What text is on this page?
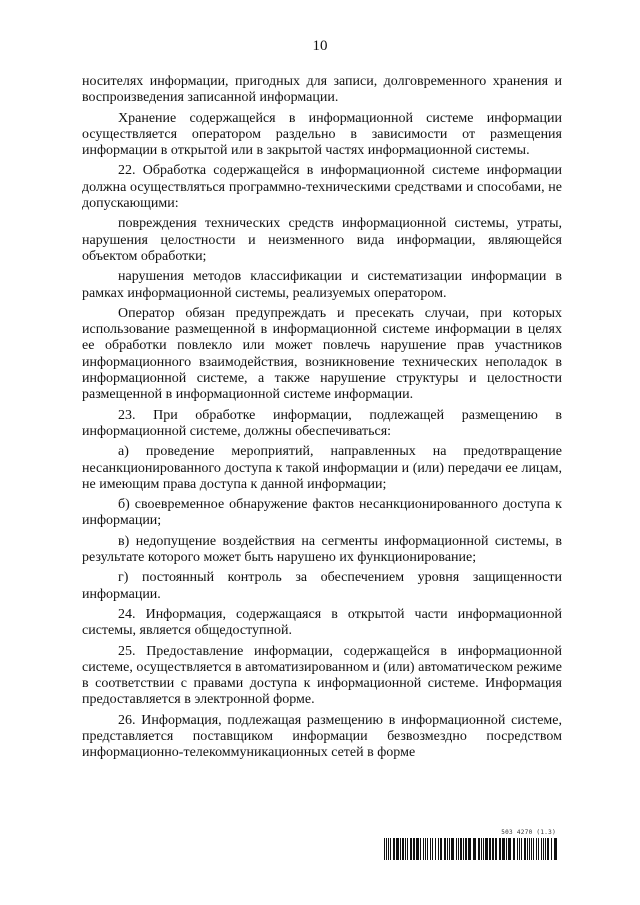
10

носителях информации, пригодных для записи, долговременного хранения и воспроизведения записанной информации.

Хранение содержащейся в информационной системе информации осуществляется оператором раздельно в зависимости от размещения информации в открытой или в закрытой частях информационной системы.

22. Обработка содержащейся в информационной системе информации должна осуществляться программно-техническими средствами и способами, не допускающими:

повреждения технических средств информационной системы, утраты, нарушения целостности и неизменного вида информации, являющейся объектом обработки;

нарушения методов классификации и систематизации информации в рамках информационной системы, реализуемых оператором.

Оператор обязан предупреждать и пресекать случаи, при которых использование размещенной в информационной системе информации в целях ее обработки повлекло или может повлечь нарушение прав участников информационного взаимодействия, возникновение технических неполадок в информационной системе, а также нарушение структуры и целостности размещенной в информационной системе информации.

23. При обработке информации, подлежащей размещению в информационной системе, должны обеспечиваться:

а) проведение мероприятий, направленных на предотвращение несанкционированного доступа к такой информации и (или) передачи ее лицам, не имеющим права доступа к данной информации;

б) своевременное обнаружение фактов несанкционированного доступа к информации;

в) недопущение воздействия на сегменты информационной системы, в результате которого может быть нарушено их функционирование;

г) постоянный контроль за обеспечением уровня защищенности информации.

24. Информация, содержащаяся в открытой части информационной системы, является общедоступной.

25. Предоставление информации, содержащейся в информационной системе, осуществляется в автоматизированном и (или) автоматическом режиме в соответствии с правами доступа к информационной системе. Информация предоставляется в электронной форме.

26. Информация, подлежащая размещению в информационной системе, представляется поставщиком информации безвозмездно посредством информационно-телекоммуникационных сетей в форме

503 4270 (1.3)
